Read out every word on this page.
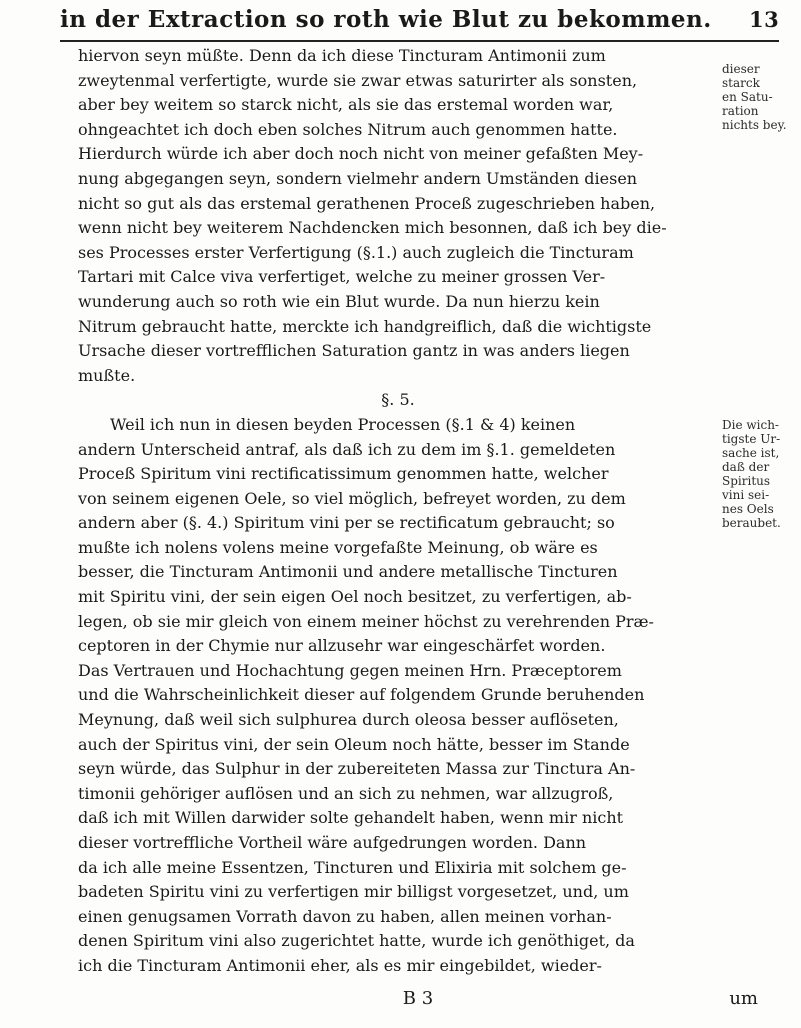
in der Extraction so roth wie Blut zu bekommen.	13
hiervon seyn müßte. Denn da ich diese Tincturam Antimonii zum
zweytenmal verfertigte, wurde sie zwar etwas saturirter als sonsten,
aber bey weitem so starck nicht, als sie das erstemal worden war,
ohngeachtet ich doch eben solches Nitrum auch genommen hatte.
Hierdurch würde ich aber doch noch nicht von meiner gefaßten Mey-
nung abgegangen seyn, sondern vielmehr andern Umständen diesen
nicht so gut als das erstemal gerathenen Proceß zugeschrieben haben,
wenn nicht bey weiterem Nachdencken mich besonnen, daß ich bey die-
ses Processes erster Verfertigung (§.1.) auch zugleich die Tincturam
Tartari mit Calce viva verfertiget, welche zu meiner grossen Ver-
wunderung auch so roth wie ein Blut wurde. Da nun hierzu kein
Nitrum gebraucht hatte, merckte ich handgreiflich, daß die wichtigste
Ursache dieser vortrefflichen Saturation gantz in was anders liegen
mußte.
§. 5.
Weil ich nun in diesen beyden Processen (§.1 & 4) keinen
andern Unterscheid antraf, als daß ich zu dem im §.1. gemeldeten
Proceß Spiritum vini rectificatissimum genommen hatte, welcher
von seinem eigenen Oele, so viel möglich, befreyet worden, zu dem
andern aber (§. 4.) Spiritum vini per se rectificatum gebraucht; so
mußte ich nolens volens meine vorgefaßte Meinung, ob wäre es
besser, die Tincturam Antimonii und andere metallische Tincturen
mit Spiritu vini, der sein eigen Oel noch besitzet, zu verfertigen, ab-
legen, ob sie mir gleich von einem meiner höchst zu verehrenden Præ-
ceptoren in der Chymie nur allzusehr war eingeschärfet worden.
Das Vertrauen und Hochachtung gegen meinen Hrn. Præceptorem
und die Wahrscheinlichkeit dieser auf folgendem Grunde beruhenden
Meynung, daß weil sich sulphurea durch oleosa besser auflöseten,
auch der Spiritus vini, der sein Oleum noch hätte, besser im Stande
seyn würde, das Sulphur in der zubereiteten Massa zur Tinctura An-
timonii gehöriger auflösen und an sich zu nehmen, war allzugroß,
daß ich mit Willen darwider solte gehandelt haben, wenn mir nicht
dieser vortreffliche Vortheil wäre aufgedrungen worden. Dann
da ich alle meine Essentzen, Tincturen und Elixiria mit solchem ge-
badeten Spiritu vini zu verfertigen mir billigst vorgesetzet, und, um
einen genugsamen Vorrath davon zu haben, allen meinen vorhan-
denen Spiritum vini also zugerichtet hatte, wurde ich genöthiget, da
ich die Tincturam Antimonii eher, als es mir eingebildet, wieder-
dieser starck
en Satu-
ration
nichts bey.
Die wich-
tigste Ur-
sache ist,
daß der
Spiritus
vini sei-
nes Oels
beraubet.
B 3	um
